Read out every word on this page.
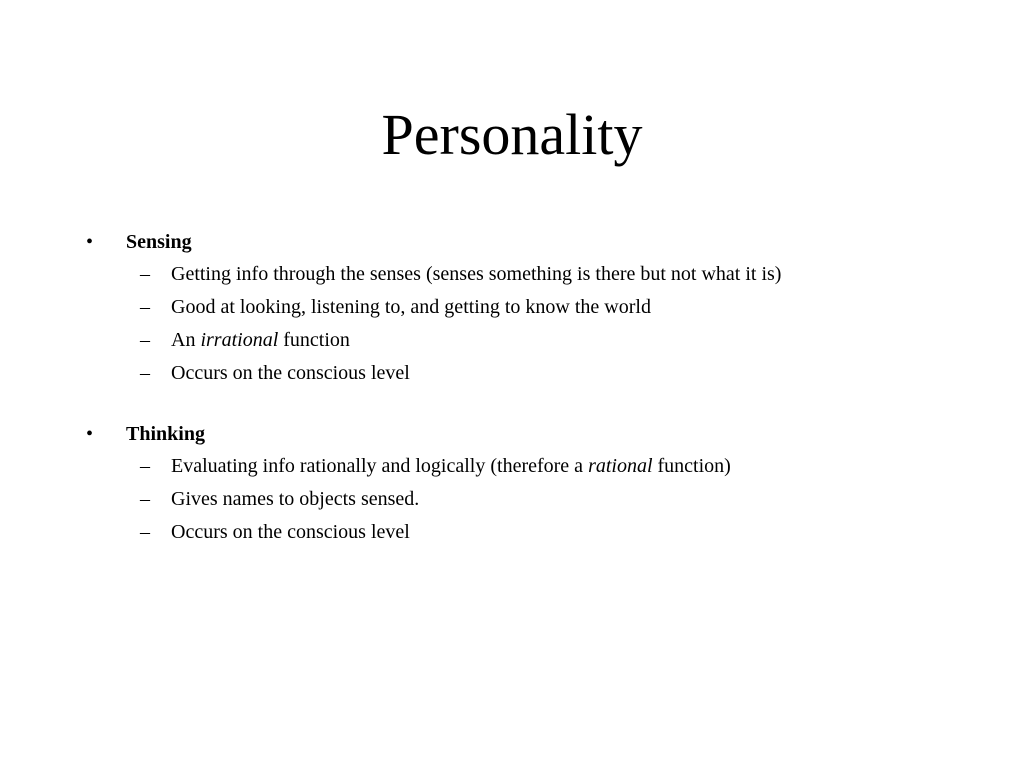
Personality
• Sensing
– Getting info through the senses (senses something is there but not what it is)
– Good at looking, listening to, and getting to know the world
– An irrational function
– Occurs on the conscious level
• Thinking
– Evaluating info rationally and logically (therefore a rational function)
– Gives names to objects sensed.
– Occurs on the conscious level
